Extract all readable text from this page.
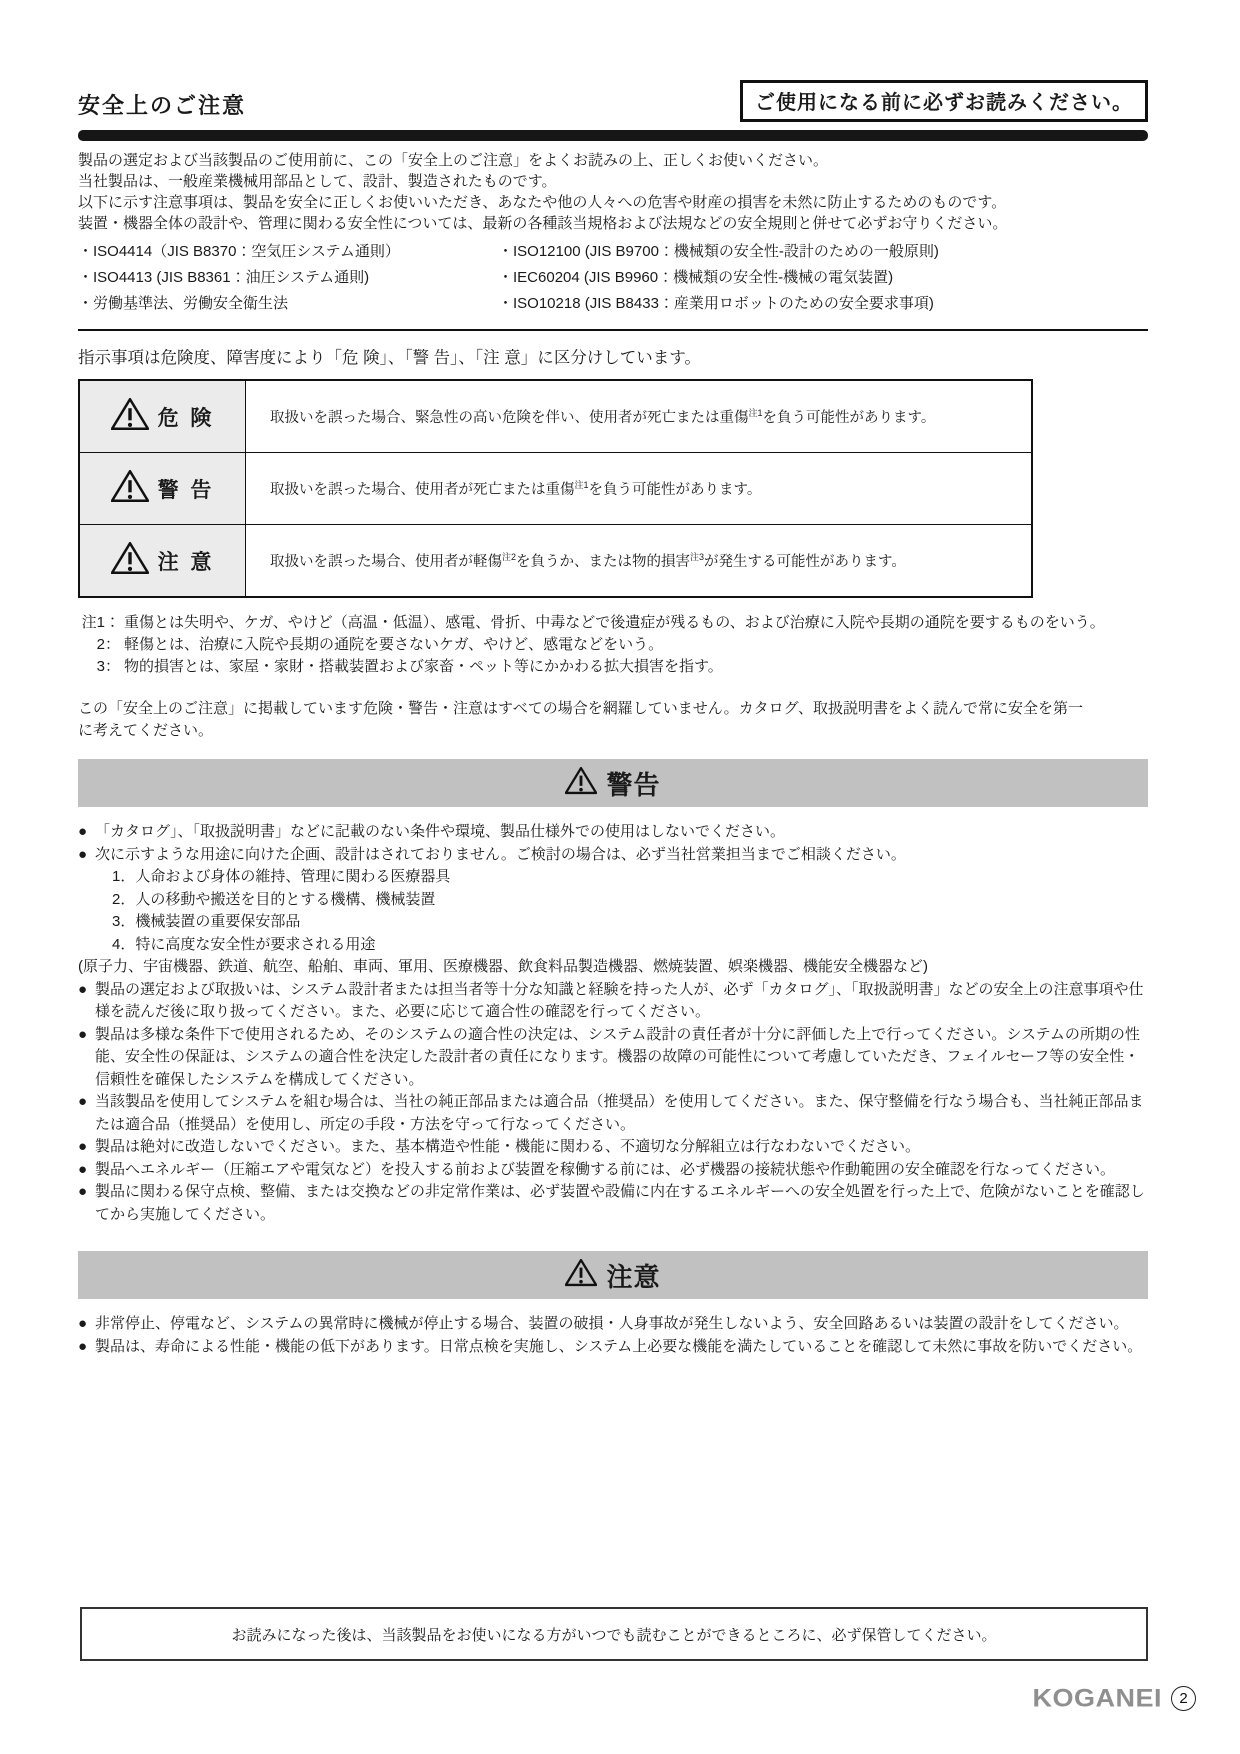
安全上のご注意	ご使用になる前に必ずお読みください。
製品の選定および当該製品のご使用前に、この「安全上のご注意」をよくお読みの上、正しくお使いください。
当社製品は、一般産業機械用部品として、設計、製造されたものです。
以下に示す注意事項は、製品を安全に正しくお使いいただき、あなたや他の人々への危害や財産の損害を未然に防止するためのものです。
装置・機器全体の設計や、管理に関わる安全性については、最新の各種該当規格および法規などの安全規則と併せて必ずお守りください。
・ISO4414（JIS B8370：空気圧システム通則）
・ISO4413 (JIS B8361：油圧システム通則)
・労働基準法、労働安全衛生法
・ISO12100 (JIS B9700：機械類の安全性-設計のための一般原則)
・IEC60204 (JIS B9960：機械類の安全性-機械の電気装置)
・ISO10218 (JIS B8433：産業用ロボットのための安全要求事項)
指示事項は危険度、障害度により「危 険」、「警 告」、「注 意」に区分けしています。
危 険	取扱いを誤った場合、緊急性の高い危険を伴い、使用者が死亡または重傷$^{注1}$を負う可能性があります。

警 告	取扱いを誤った場合、使用者が死亡または重傷$^{注1}$を負う可能性があります。

注 意	取扱いを誤った場合、使用者が軽傷$^{注2}$を負うか、または物的損害$^{注3}$が発生する可能性があります。
注1： 重傷とは失明や、ケガ、やけど（高温・低温）、感電、骨折、中毒などで後遺症が残るもの、および治療に入院や長期の通院を要するものをいう。
2： 軽傷とは、治療に入院や長期の通院を要さないケガ、やけど、感電などをいう。
3： 物的損害とは、家屋・家財・搭載装置および家畜・ペット等にかかわる拡大損害を指す。
この「安全上のご注意」に掲載しています危険・警告・注意はすべての場合を網羅していません。カタログ、取扱説明書をよく読んで常に安全を第一に考えてください。
警告
● 「カタログ」、「取扱説明書」などに記載のない条件や環境、製品仕様外での使用はしないでください。
● 次に示すような用途に向けた企画、設計はされておりません。ご検討の場合は、必ず当社営業担当までご相談ください。
1．人命および身体の維持、管理に関わる医療器具
2．人の移動や搬送を目的とする機構、機械装置
3．機械装置の重要保安部品
4．特に高度な安全性が要求される用途
(原子力、宇宙機器、鉄道、航空、船舶、車両、軍用、医療機器、飲食料品製造機器、燃焼装置、娯楽機器、機能安全機器など)
● 製品の選定および取扱いは、システム設計者または担当者等十分な知識と経験を持った人が、必ず「カタログ」、「取扱説明書」などの安全上の注意事項や仕様を読んだ後に取り扱ってください。また、必要に応じて適合性の確認を行ってください。
● 製品は多様な条件下で使用されるため、そのシステムの適合性の決定は、システム設計の責任者が十分に評価した上で行ってください。システムの所期の性能、安全性の保証は、システムの適合性を決定した設計者の責任になります。機器の故障の可能性について考慮していただき、フェイルセーフ等の安全性・信頼性を確保したシステムを構成してください。
● 当該製品を使用してシステムを組む場合は、当社の純正部品または適合品（推奨品）を使用してください。また、保守整備を行なう場合も、当社純正部品または適合品（推奨品）を使用し、所定の手段・方法を守って行なってください。
● 製品は絶対に改造しないでください。また、基本構造や性能・機能に関わる、不適切な分解組立は行なわないでください。
● 製品へエネルギー（圧縮エアや電気など）を投入する前および装置を稼働する前には、必ず機器の接続状態や作動範囲の安全確認を行なってください。
● 製品に関わる保守点検、整備、または交換などの非定常作業は、必ず装置や設備に内在するエネルギーへの安全処置を行った上で、危険がないことを確認してから実施してください。
注意
● 非常停止、停電など、システムの異常時に機械が停止する場合、装置の破損・人身事故が発生しないよう、安全回路あるいは装置の設計をしてください。
● 製品は、寿命による性能・機能の低下があります。日常点検を実施し、システム上必要な機能を満たしていることを確認して未然に事故を防いでください。
お読みになった後は、当該製品をお使いになる方がいつでも読むことができるところに、必ず保管してください。
KOGANEI	2
